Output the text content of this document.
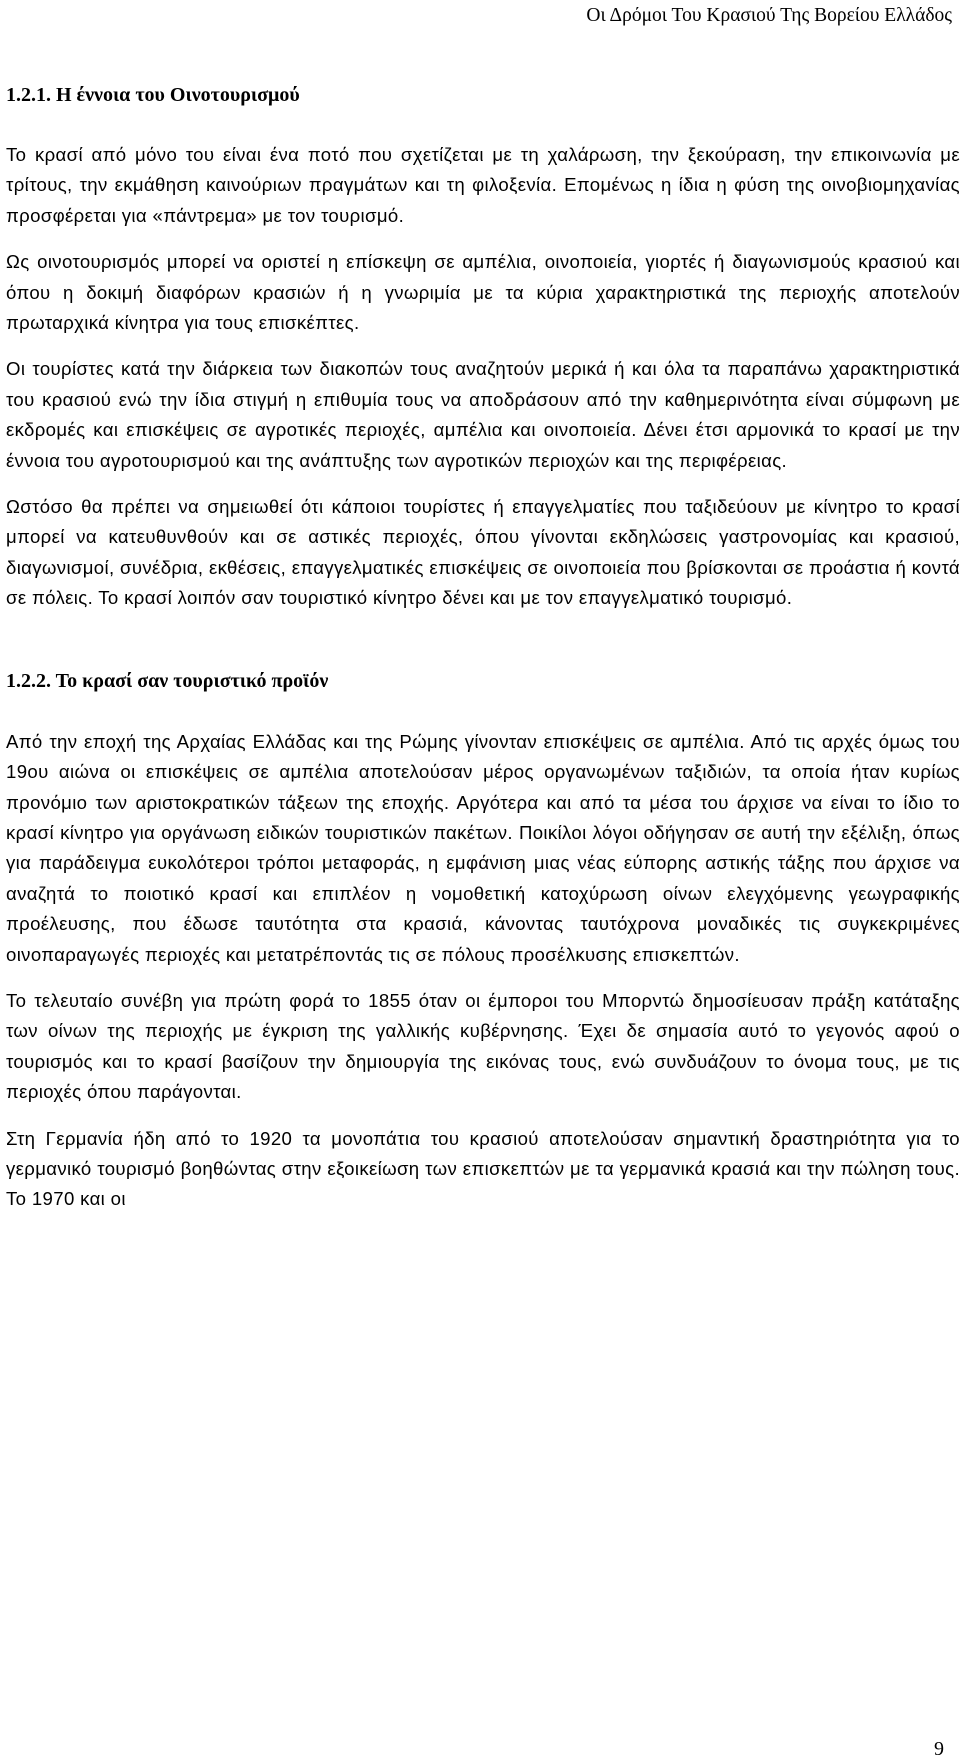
Οι Δρόμοι Του Κρασιού Της Βορείου Ελλάδος

1.2.1. Η έννοια του Οινοτουρισμού

Το κρασί από μόνο του είναι ένα ποτό που σχετίζεται με τη χαλάρωση, την ξεκούραση, την επικοινωνία με τρίτους, την εκμάθηση καινούριων πραγμάτων και τη φιλοξενία. Επομένως η ίδια η φύση της οινοβιομηχανίας προσφέρεται για «πάντρεμα» με τον τουρισμό.

Ως οινοτουρισμός μπορεί να οριστεί η επίσκεψη σε αμπέλια, οινοποιεία, γιορτές ή διαγωνισμούς κρασιού και όπου η δοκιμή διαφόρων κρασιών ή η γνωριμία με τα κύρια χαρακτηριστικά της περιοχής αποτελούν πρωταρχικά κίνητρα για τους επισκέπτες.

Οι τουρίστες κατά την διάρκεια των διακοπών τους αναζητούν μερικά ή και όλα τα παραπάνω χαρακτηριστικά του κρασιού ενώ την ίδια στιγμή η επιθυμία τους να αποδράσουν από την καθημερινότητα είναι σύμφωνη με εκδρομές και επισκέψεις σε αγροτικές περιοχές, αμπέλια και οινοποιεία. Δένει έτσι αρμονικά το κρασί με την έννοια του αγροτουρισμού και της ανάπτυξης των αγροτικών περιοχών και της περιφέρειας.

Ωστόσο θα πρέπει να σημειωθεί ότι κάποιοι τουρίστες ή επαγγελματίες που ταξιδεύουν με κίνητρο το κρασί μπορεί να κατευθυνθούν και σε αστικές περιοχές, όπου γίνονται εκδηλώσεις γαστρονομίας και κρασιού, διαγωνισμοί, συνέδρια, εκθέσεις, επαγγελματικές επισκέψεις σε οινοποιεία που βρίσκονται σε προάστια ή κοντά σε πόλεις. Το κρασί λοιπόν σαν τουριστικό κίνητρο δένει και με τον επαγγελματικό τουρισμό.

1.2.2. Το κρασί σαν τουριστικό προϊόν

Από την εποχή της Αρχαίας Ελλάδας και της Ρώμης γίνονταν επισκέψεις σε αμπέλια. Από τις αρχές όμως του 19ου αιώνα οι επισκέψεις σε αμπέλια αποτελούσαν μέρος οργανωμένων ταξιδιών, τα οποία ήταν κυρίως προνόμιο των αριστοκρατικών τάξεων της εποχής. Αργότερα και από τα μέσα του άρχισε να είναι το ίδιο το κρασί κίνητρο για οργάνωση ειδικών τουριστικών πακέτων. Ποικίλοι λόγοι οδήγησαν σε αυτή την εξέλιξη, όπως για παράδειγμα ευκολότεροι τρόποι μεταφοράς, η εμφάνιση μιας νέας εύπορης αστικής τάξης που άρχισε να αναζητά το ποιοτικό κρασί και επιπλέον η νομοθετική κατοχύρωση οίνων ελεγχόμενης γεωγραφικής προέλευσης, που έδωσε ταυτότητα στα κρασιά, κάνοντας ταυτόχρονα μοναδικές τις συγκεκριμένες οινοπαραγωγές περιοχές και μετατρέποντάς τις σε πόλους προσέλκυσης επισκεπτών.

Το τελευταίο συνέβη για πρώτη φορά το 1855 όταν οι έμποροι του Μπορντώ δημοσίευσαν πράξη κατάταξης των οίνων της περιοχής με έγκριση της γαλλικής κυβέρνησης. Έχει δε σημασία αυτό το γεγονός αφού ο τουρισμός και το κρασί βασίζουν την δημιουργία της εικόνας τους, ενώ συνδυάζουν το όνομα τους, με τις περιοχές όπου παράγονται.

Στη Γερμανία ήδη από το 1920 τα μονοπάτια του κρασιού αποτελούσαν σημαντική δραστηριότητα για το γερμανικό τουρισμό βοηθώντας στην εξοικείωση των επισκεπτών με τα γερμανικά κρασιά και την πώληση τους. Το 1970 και οι

9
